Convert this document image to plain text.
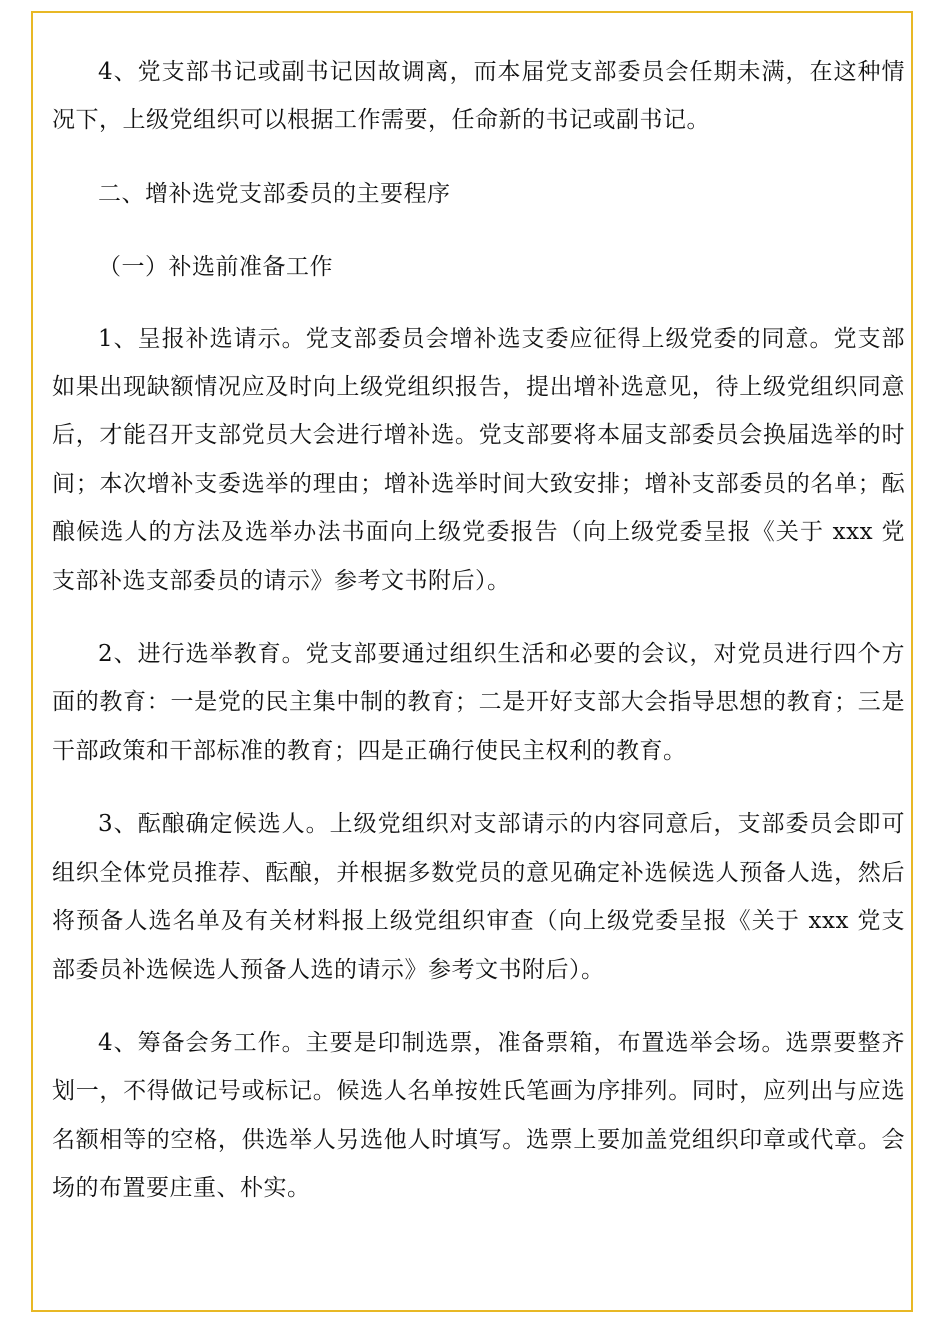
4、党支部书记或副书记因故调离，而本届党支部委员会任期未满，在这种情况下，上级党组织可以根据工作需要，任命新的书记或副书记。

二、增补选党支部委员的主要程序

（一）补选前准备工作

1、呈报补选请示。党支部委员会增补选支委应征得上级党委的同意。党支部如果出现缺额情况应及时向上级党组织报告，提出增补选意见，待上级党组织同意后，才能召开支部党员大会进行增补选。党支部要将本届支部委员会换届选举的时间；本次增补支委选举的理由；增补选举时间大致安排；增补支部委员的名单；酝酿候选人的方法及选举办法书面向上级党委报告（向上级党委呈报《关于 xxx 党支部补选支部委员的请示》参考文书附后）。

2、进行选举教育。党支部要通过组织生活和必要的会议，对党员进行四个方面的教育：一是党的民主集中制的教育；二是开好支部大会指导思想的教育；三是干部政策和干部标准的教育；四是正确行使民主权利的教育。

3、酝酿确定候选人。上级党组织对支部请示的内容同意后，支部委员会即可组织全体党员推荐、酝酿，并根据多数党员的意见确定补选候选人预备人选，然后将预备人选名单及有关材料报上级党组织审查（向上级党委呈报《关于 xxx 党支部委员补选候选人预备人选的请示》参考文书附后）。

4、筹备会务工作。主要是印制选票，准备票箱，布置选举会场。选票要整齐划一，不得做记号或标记。候选人名单按姓氏笔画为序排列。同时，应列出与应选名额相等的空格，供选举人另选他人时填写。选票上要加盖党组织印章或代章。会场的布置要庄重、朴实。
